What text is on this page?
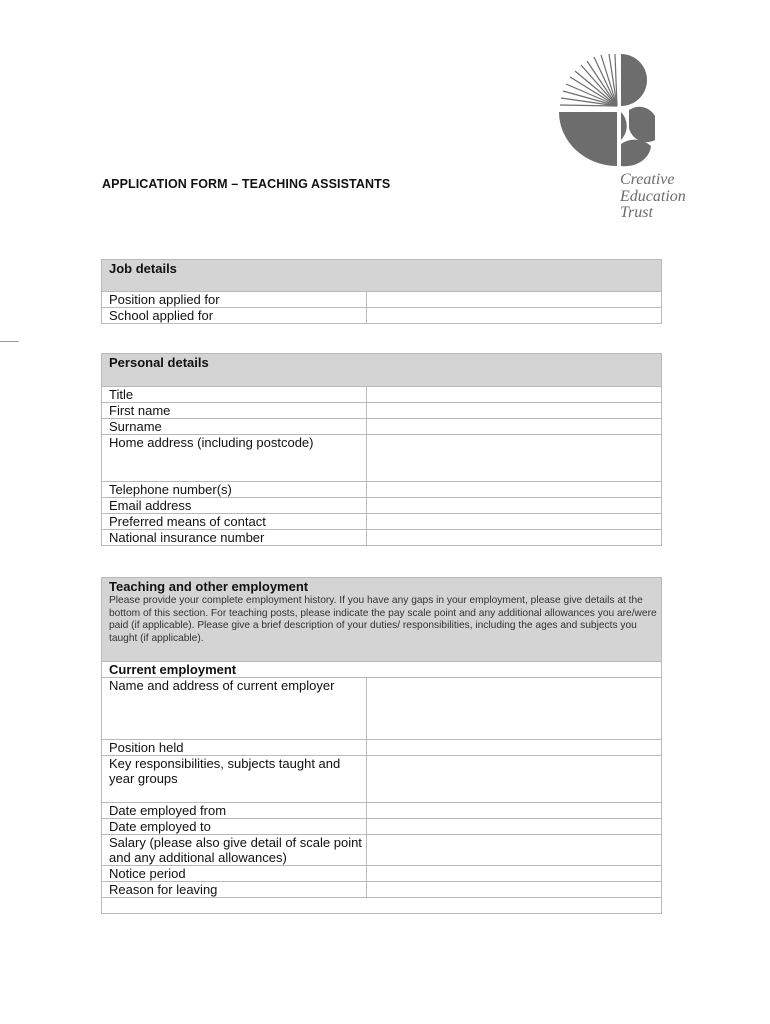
Creative
Education
Trust
APPLICATION FORM – TEACHING ASSISTANTS
Job details	
Position applied for	
School applied for	
Personal details	
Title	
First name	
Surname	
Home address (including postcode)	
Telephone number(s)	
Email address	
Preferred means of contact	
National insurance number	
Teaching and other employment
Please provide your complete employment history. If you have any gaps in your employment, please give details at the bottom of this section. For teaching posts, please indicate the pay scale point and any additional allowances you are/were paid (if applicable). Please give a brief description of your duties/ responsibilities, including the ages and subjects you taught (if applicable).	

Current employment	
Name and address of current employer	
Position held	
Key responsibilities, subjects taught and year groups	
Date employed from	
Date employed to	
Salary (please also give detail of scale point and any additional allowances)	
Notice period	
Reason for leaving	
